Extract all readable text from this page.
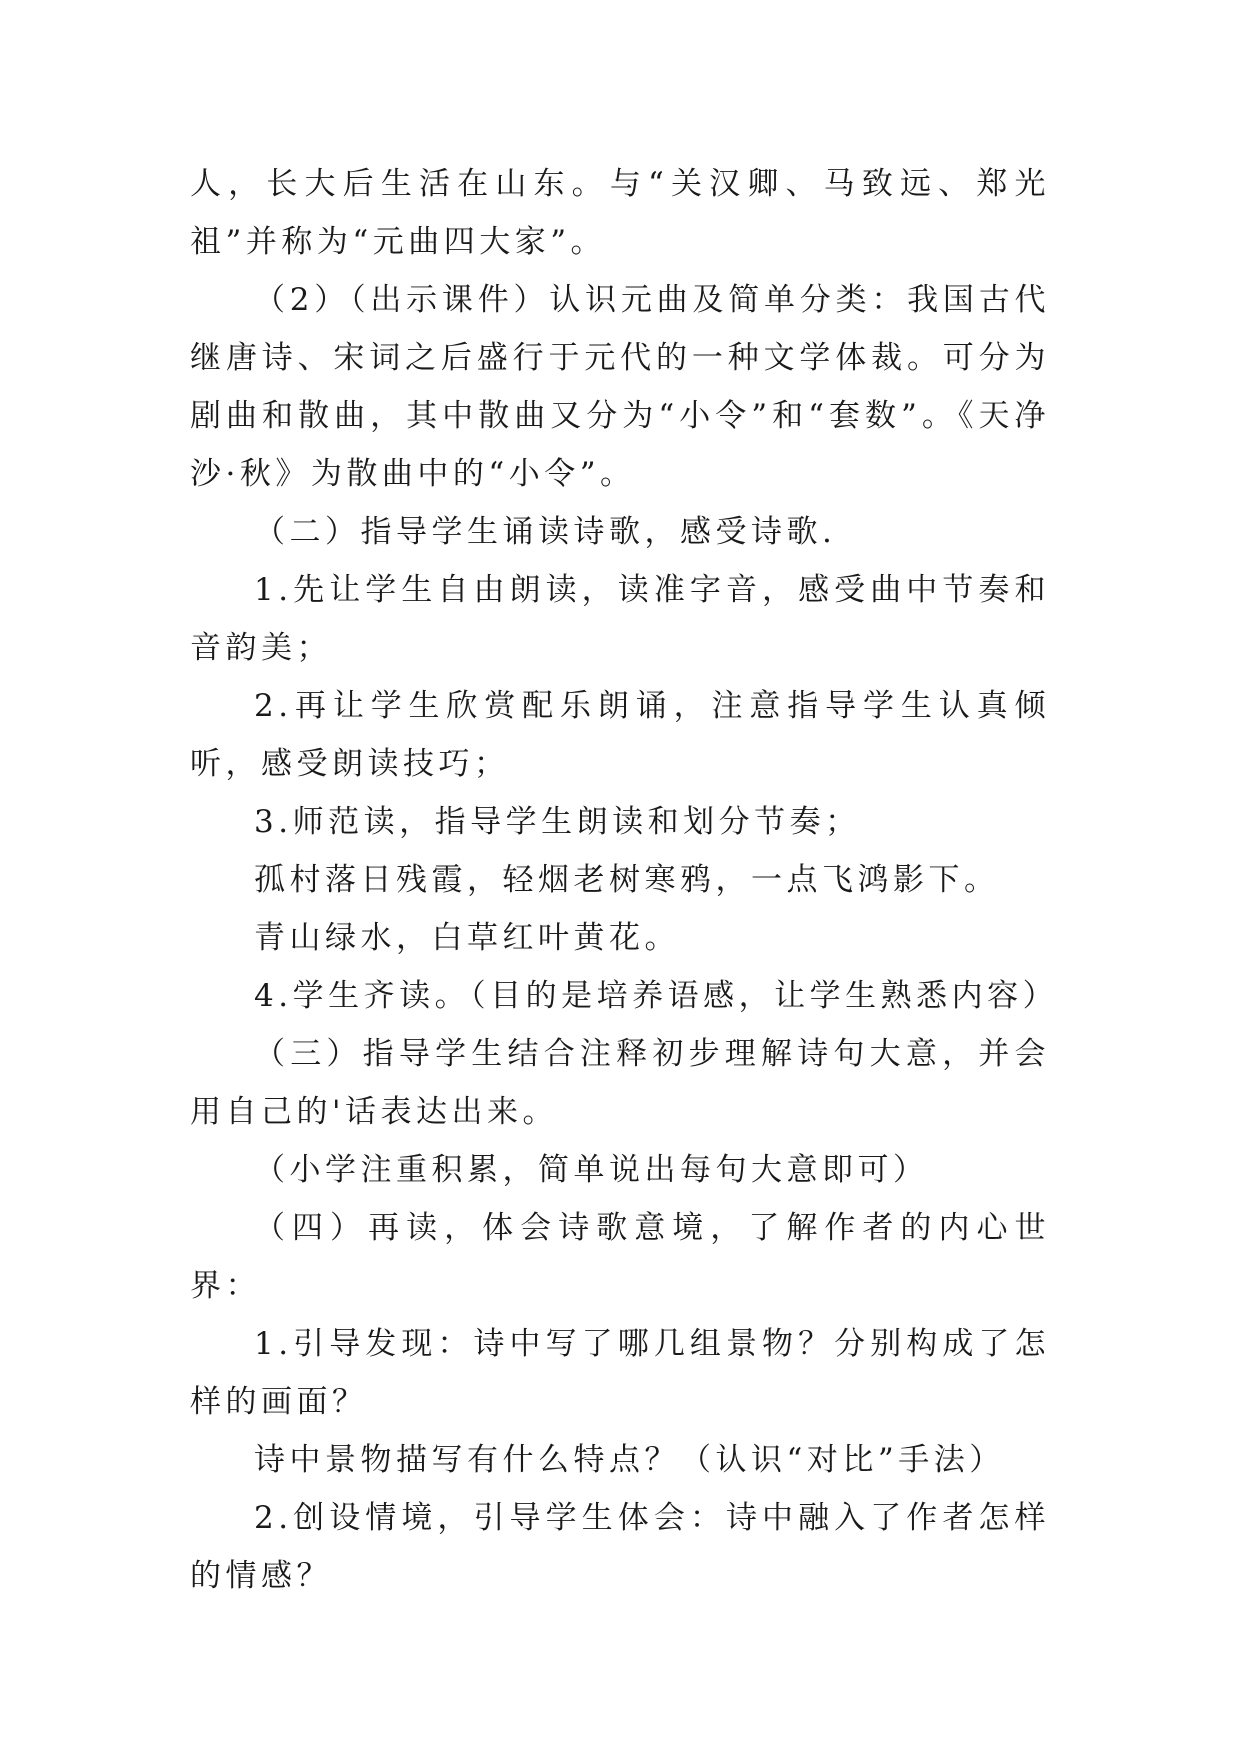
人，长大后生活在山东。与“关汉卿、马致远、郑光祖”并称为“元曲四大家”。

（2）（出示课件）认识元曲及简单分类：我国古代继唐诗、宋词之后盛行于元代的一种文学体裁。可分为剧曲和散曲，其中散曲又分为“小令”和“套数”。《天净沙·秋》为散曲中的“小令”。

（二）指导学生诵读诗歌，感受诗歌.

1.先让学生自由朗读，读准字音，感受曲中节奏和音韵美；

2.再让学生欣赏配乐朗诵，注意指导学生认真倾听，感受朗读技巧；

3.师范读，指导学生朗读和划分节奏；

孤村落日残霞，轻烟老树寒鸦，一点飞鸿影下。

青山绿水，白草红叶黄花。

4.学生齐读。（目的是培养语感，让学生熟悉内容）

（三）指导学生结合注释初步理解诗句大意，并会用自己的'话表达出来。

（小学注重积累，简单说出每句大意即可）

（四）再读，体会诗歌意境，了解作者的内心世界：

1.引导发现：诗中写了哪几组景物？分别构成了怎样的画面？

诗中景物描写有什么特点？（认识“对比”手法）

2.创设情境，引导学生体会：诗中融入了作者怎样的情感？
